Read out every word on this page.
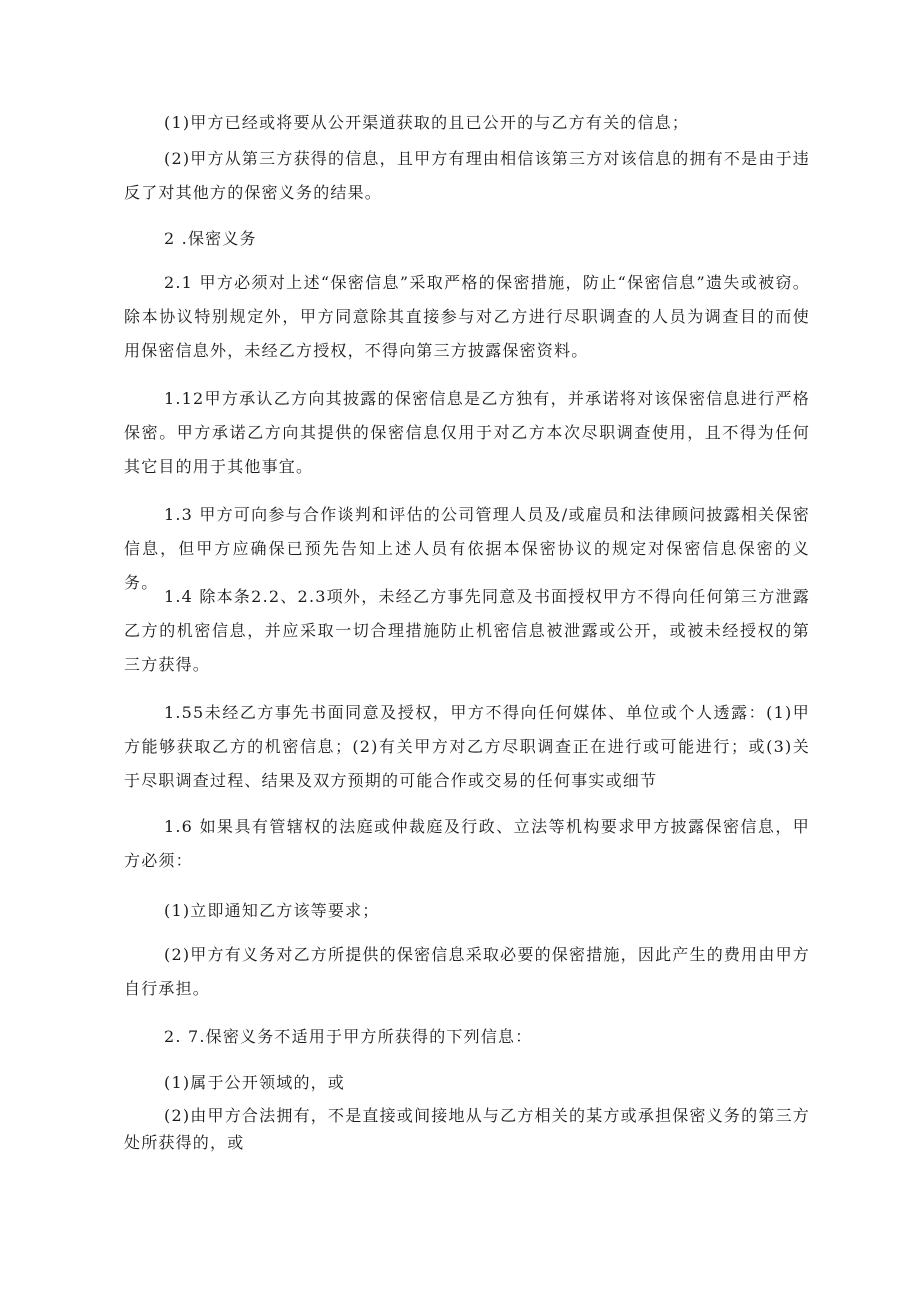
(1)甲方已经或将要从公开渠道获取的且已公开的与乙方有关的信息；

(2)甲方从第三方获得的信息，且甲方有理由相信该第三方对该信息的拥有不是由于违反了对其他方的保密义务的结果。

2 .保密义务

2.1 甲方必须对上述“保密信息”采取严格的保密措施，防止“保密信息”遗失或被窃。除本协议特别规定外，甲方同意除其直接参与对乙方进行尽职调查的人员为调查目的而使用保密信息外，未经乙方授权，不得向第三方披露保密资料。

1.12甲方承认乙方向其披露的保密信息是乙方独有，并承诺将对该保密信息进行严格保密。甲方承诺乙方向其提供的保密信息仅用于对乙方本次尽职调查使用，且不得为任何其它目的用于其他事宜。

1.3 甲方可向参与合作谈判和评估的公司管理人员及/或雇员和法律顾问披露相关保密信息，但甲方应确保已预先告知上述人员有依据本保密协议的规定对保密信息保密的义务。

1.4 除本条2.2、2.3项外，未经乙方事先同意及书面授权甲方不得向任何第三方泄露乙方的机密信息，并应采取一切合理措施防止机密信息被泄露或公开，或被未经授权的第三方获得。

1.55未经乙方事先书面同意及授权，甲方不得向任何媒体、单位或个人透露：(1)甲方能够获取乙方的机密信息；(2)有关甲方对乙方尽职调查正在进行或可能进行；或(3)关于尽职调查过程、结果及双方预期的可能合作或交易的任何事实或细节

1.6 如果具有管辖权的法庭或仲裁庭及行政、立法等机构要求甲方披露保密信息，甲方必须：

(1)立即通知乙方该等要求；

(2)甲方有义务对乙方所提供的保密信息采取必要的保密措施，因此产生的费用由甲方自行承担。

2. 7.保密义务不适用于甲方所获得的下列信息：

(1)属于公开领域的，或

(2)由甲方合法拥有，不是直接或间接地从与乙方相关的某方或承担保密义务的第三方处所获得的，或
